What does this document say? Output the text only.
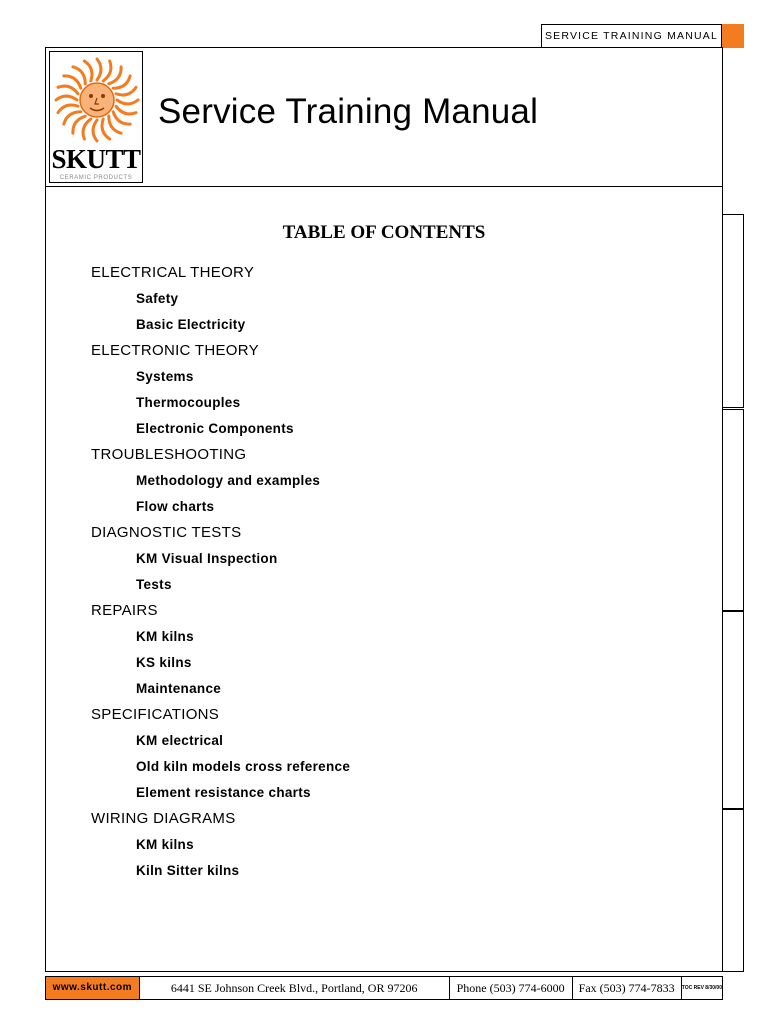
SERVICE TRAINING MANUAL
SKUTT
CERAMIC PRODUCTS
Service Training Manual
TABLE OF CONTENTS
ELECTRICAL THEORY
Safety
Basic Electricity
ELECTRONIC THEORY
Systems
Thermocouples
Electronic Components
TROUBLESHOOTING
Methodology and examples
Flow charts
DIAGNOSTIC TESTS
KM Visual Inspection
Tests
REPAIRS
KM kilns
KS kilns
Maintenance
SPECIFICATIONS
KM electrical
Old kiln models cross reference
Element resistance charts
WIRING DIAGRAMS
KM kilns
Kiln Sitter kilns
www.skutt.com	6441 SE Johnson Creek Blvd., Portland, OR 97206	Phone (503) 774-6000	Fax (503) 774-7833	TOC REV 8/30/00
